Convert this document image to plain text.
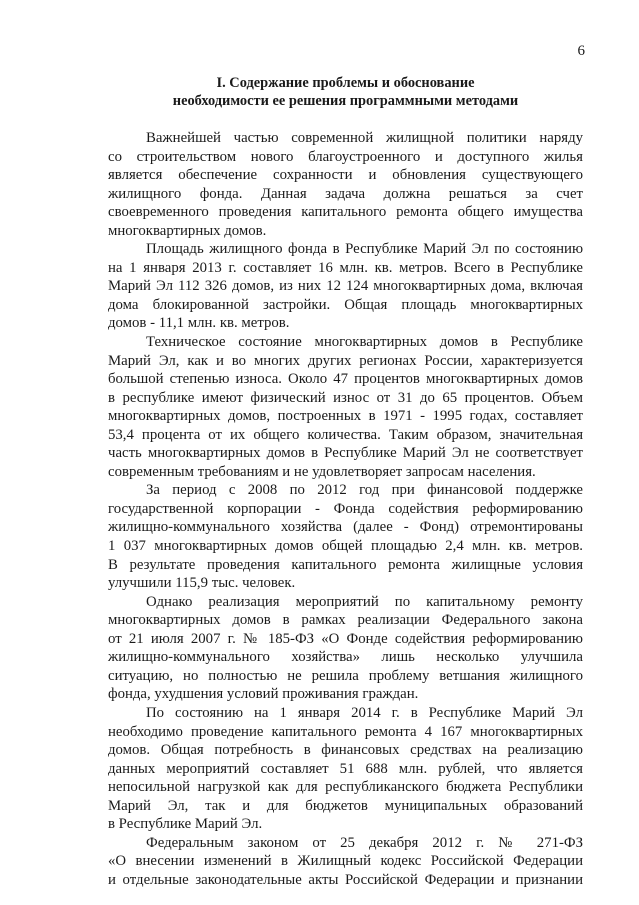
6
I. Содержание проблемы и обоснование
необходимости ее решения программными методами

Важнейшей частью современной жилищной политики наряду
со строительством нового благоустроенного и доступного жилья
является обеспечение сохранности и обновления существующего
жилищного фонда. Данная задача должна решаться за счет
своевременного проведения капитального ремонта общего имущества
многоквартирных домов.

Площадь жилищного фонда в Республике Марий Эл по состоянию
на 1 января 2013 г. составляет 16 млн. кв. метров. Всего в Республике
Марий Эл 112 326 домов, из них 12 124 многоквартирных дома, включая
дома блокированной застройки. Общая площадь многоквартирных
домов - 11,1 млн. кв. метров.

Техническое состояние многоквартирных домов в Республике
Марий Эл, как и во многих других регионах России, характеризуется
большой степенью износа. Около 47 процентов многоквартирных домов
в республике имеют физический износ от 31 до 65 процентов. Объем
многоквартирных домов, построенных в 1971 - 1995 годах, составляет
53,4 процента от их общего количества. Таким образом, значительная
часть многоквартирных домов в Республике Марий Эл не соответствует
современным требованиям и не удовлетворяет запросам населения.

За период с 2008 по 2012 год при финансовой поддержке
государственной корпорации - Фонда содействия реформированию
жилищно-коммунального хозяйства (далее - Фонд) отремонтированы
1 037 многоквартирных домов общей площадью 2,4 млн. кв. метров.
В результате проведения капитального ремонта жилищные условия
улучшили 115,9 тыс. человек.

Однако реализация мероприятий по капитальному ремонту
многоквартирных домов в рамках реализации Федерального закона
от 21 июля 2007 г. № 185-ФЗ «О Фонде содействия реформированию
жилищно-коммунального хозяйства» лишь несколько улучшила
ситуацию, но полностью не решила проблему ветшания жилищного
фонда, ухудшения условий проживания граждан.

По состоянию на 1 января 2014 г. в Республике Марий Эл
необходимо проведение капитального ремонта 4 167 многоквартирных
домов. Общая потребность в финансовых средствах на реализацию
данных мероприятий составляет 51 688 млн. рублей, что является
непосильной нагрузкой как для республиканского бюджета Республики
Марий Эл, так и для бюджетов муниципальных образований
в Республике Марий Эл.

Федеральным законом от 25 декабря 2012 г. № 271-ФЗ
«О внесении изменений в Жилищный кодекс Российской Федерации
и отдельные законодательные акты Российской Федерации и признании
